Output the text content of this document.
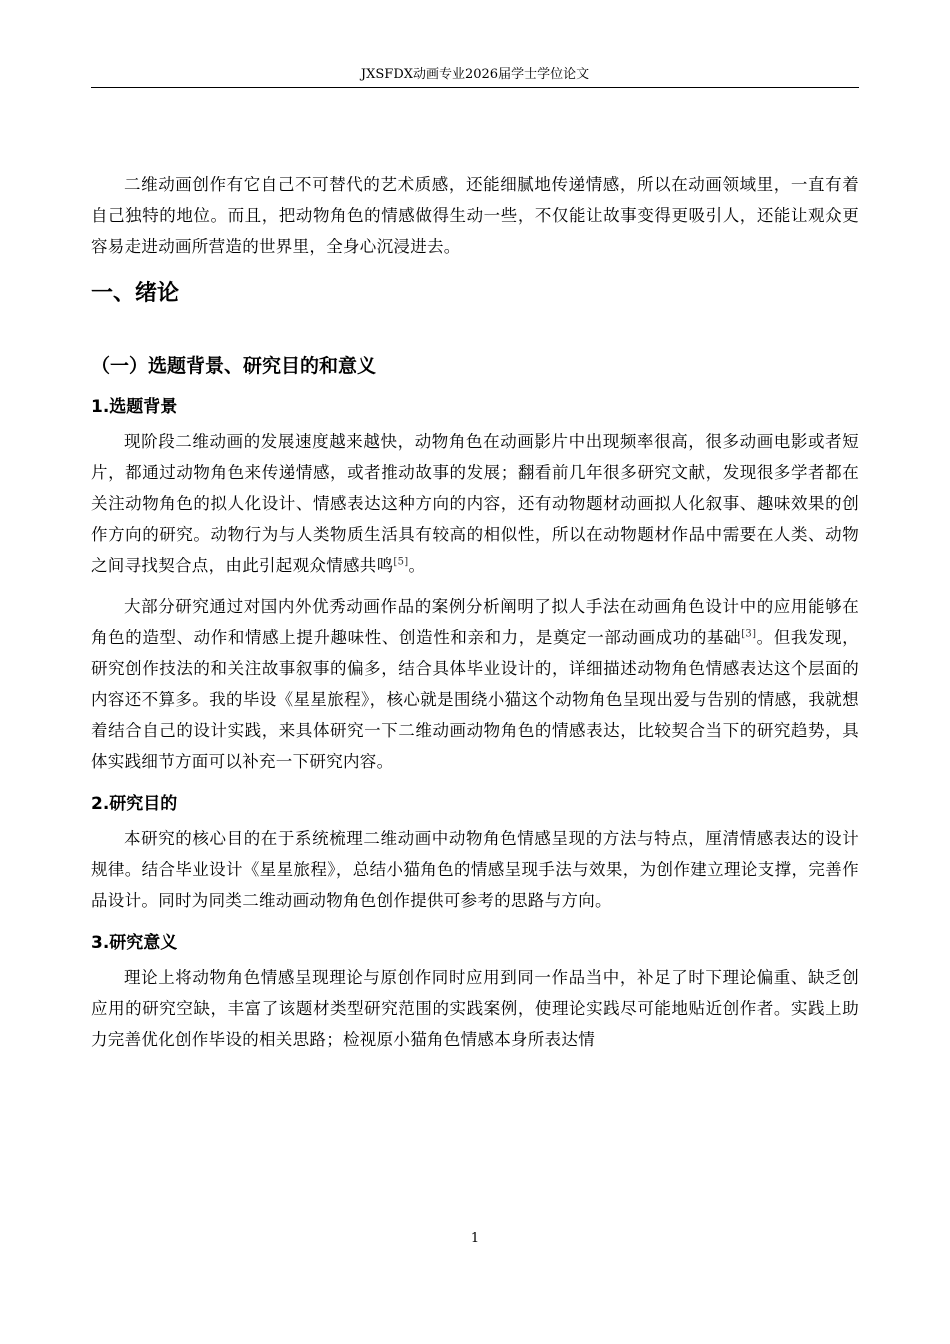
JXSFDX动画专业2026届学士学位论文

二维动画创作有它自己不可替代的艺术质感，还能细腻地传递情感，所以在动画领域里，一直有着自己独特的地位。而且，把动物角色的情感做得生动一些，不仅能让故事变得更吸引人，还能让观众更容易走进动画所营造的世界里，全身心沉浸进去。

一、绪论
（一）选题背景、研究目的和意义
1.选题背景

现阶段二维动画的发展速度越来越快，动物角色在动画影片中出现频率很高，很多动画电影或者短片，都通过动物角色来传递情感，或者推动故事的发展；翻看前几年很多研究文献，发现很多学者都在关注动物角色的拟人化设计、情感表达这种方向的内容，还有动物题材动画拟人化叙事、趣味效果的创作方向的研究。动物行为与人类物质生活具有较高的相似性，所以在动物题材作品中需要在人类、动物之间寻找契合点，由此引起观众情感共鸣[5]。

大部分研究通过对国内外优秀动画作品的案例分析阐明了拟人手法在动画角色设计中的应用能够在角色的造型、动作和情感上提升趣味性、创造性和亲和力，是奠定一部动画成功的基础[3]。但我发现，研究创作技法的和关注故事叙事的偏多，结合具体毕业设计的，详细描述动物角色情感表达这个层面的内容还不算多。我的毕设《星星旅程》，核心就是围绕小猫这个动物角色呈现出爱与告别的情感，我就想着结合自己的设计实践，来具体研究一下二维动画动物角色的情感表达，比较契合当下的研究趋势，具体实践细节方面可以补充一下研究内容。

2.研究目的

本研究的核心目的在于系统梳理二维动画中动物角色情感呈现的方法与特点，厘清情感表达的设计规律。结合毕业设计《星星旅程》，总结小猫角色的情感呈现手法与效果，为创作建立理论支撑，完善作品设计。同时为同类二维动画动物角色创作提供可参考的思路与方向。

3.研究意义

理论上将动物角色情感呈现理论与原创作同时应用到同一作品当中，补足了时下理论偏重、缺乏创应用的研究空缺，丰富了该题材类型研究范围的实践案例，使理论实践尽可能地贴近创作者。实践上助力完善优化创作毕设的相关思路；检视原小猫角色情感本身所表达情

1
